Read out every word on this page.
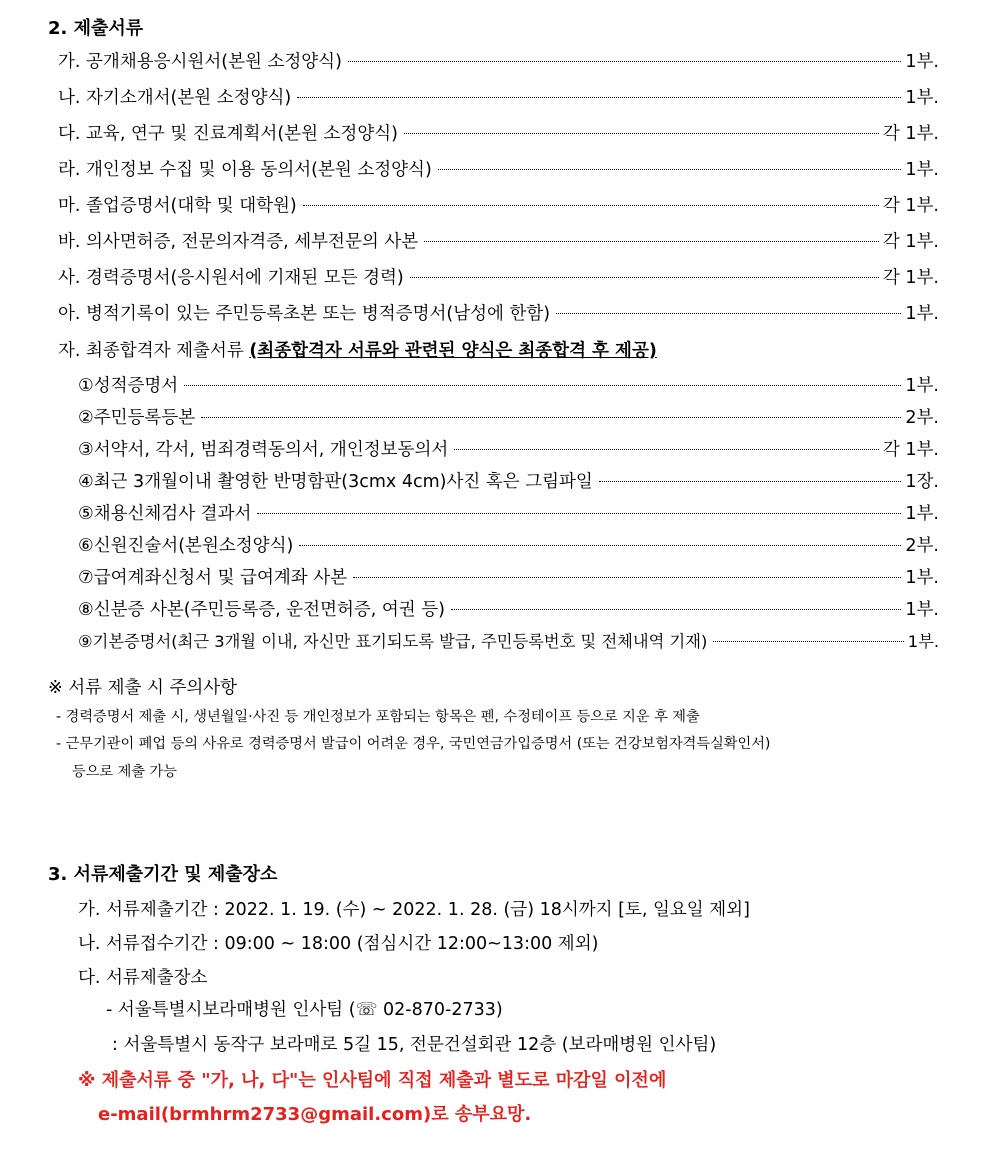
2. 제출서류
가. 공개채용응시원서(본원 소정양식)	1부.
나. 자기소개서(본원 소정양식)	1부.
다. 교육, 연구 및 진료계획서(본원 소정양식)	각 1부.
라. 개인정보 수집 및 이용 동의서(본원 소정양식)	1부.
마. 졸업증명서(대학 및 대학원)	각 1부.
바. 의사면허증, 전문의자격증, 세부전문의 사본	각 1부.
사. 경력증명서(응시원서에 기재된 모든 경력)	각 1부.
아. 병적기록이 있는 주민등록초본 또는 병적증명서(남성에 한함)	1부.
자. 최종합격자 제출서류 (최종합격자 서류와 관련된 양식은 최종합격 후 제공)
①성적증명서	1부.
②주민등록등본	2부.
③서약서, 각서, 범죄경력동의서, 개인정보동의서	각 1부.
④최근 3개월이내 촬영한 반명함판(3cmx 4cm)사진 혹은 그림파일	1장.
⑤채용신체검사 결과서	1부.
⑥신원진술서(본원소정양식)	2부.
⑦급여계좌신청서 및 급여계좌 사본	1부.
⑧신분증 사본(주민등록증, 운전면허증, 여권 등)	1부.
⑨기본증명서(최근 3개월 이내, 자신만 표기되도록 발급, 주민등록번호 및 전체내역 기재)	1부.
※ 서류 제출 시 주의사항
- 경력증명서 제출 시, 생년월일·사진 등 개인정보가 포함되는 항목은 펜, 수정테이프 등으로 지운 후 제출
- 근무기관이 폐업 등의 사유로 경력증명서 발급이 어려운 경우, 국민연금가입증명서 (또는 건강보험자격득실확인서)
등으로 제출 가능
3. 서류제출기간 및 제출장소
가. 서류제출기간 : 2022. 1. 19. (수) ~ 2022. 1. 28. (금) 18시까지 [토, 일요일 제외]
나. 서류접수기간 : 09:00 ~ 18:00 (점심시간 12:00~13:00 제외)
다. 서류제출장소
- 서울특별시보라매병원 인사팀 (☏ 02-870-2733)
: 서울특별시 동작구 보라매로 5길 15, 전문건설회관 12층 (보라매병원 인사팀)
※ 제출서류 중 "가, 나, 다"는 인사팀에 직접 제출과 별도로 마감일 이전에
e-mail(brmhrm2733@gmail.com)로 송부요망.
